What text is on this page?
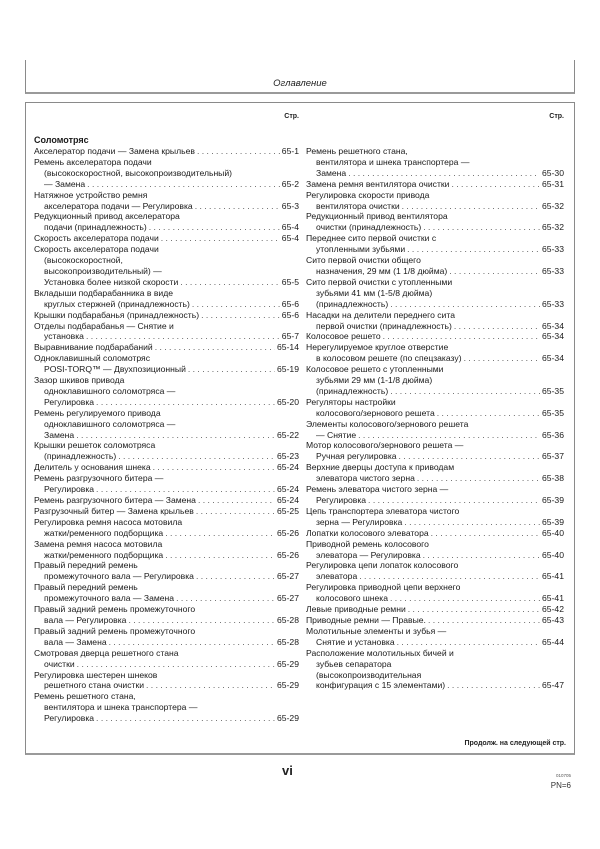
Оглавление
Стр.
Соломотряс
Акселератор подачи — Замена крыльев . . .	65-1
Ремень акселератора подачи
(высокоскоростной, высокопроизводительный)
— Замена . . .	65-2
Натяжное устройство ремня
акселератора подачи — Регулировка . . .	65-3
Редукционный привод акселератора
подачи (принадлежность) . . .	65-4
Скорость акселератора подачи . . .	65-4
Скорость акселератора подачи
(высокоскоростной,
высокопроизводительный) —
Установка более низкой скорости . . .	65-5
Вкладыши подбарабанника в виде
круглых стержней (принадлежность) . . .	65-6
Крышки подбарабанья (принадлежность) . . .	65-6
Отделы подбарабанья — Снятие и
установка . . .	65-7
Выравнивание подбарабаний . . .	65-14
Одноклавишный соломотряс
POSI-TORQ™ — Двухпозиционный . . .	65-19
Зазор шкивов привода
одноклавишного соломотряса —
Регулировка . . .	65-20
Ремень регулируемого привода
одноклавишного соломотряса —
Замена . . .	65-22
Крышки решеток соломотряса
(принадлежность) . . .	65-23
Делитель у основания шнека . . .	65-24
Ремень разгрузочного битера —
Регулировка . . .	65-24
Ремень разгрузочного битера — Замена . . .	65-24
Разгрузочный битер — Замена крыльев . . .	65-25
Регулировка ремня насоса мотовила
жатки/ременного подборщика . . .	65-26
Замена ремня насоса мотовила
жатки/ременного подборщика . . .	65-26
Правый передний ремень
промежуточного вала — Регулировка . . .	65-27
Правый передний ремень
промежуточного вала — Замена . . .	65-27
Правый задний ремень промежуточного
вала — Регулировка . . .	65-28
Правый задний ремень промежуточного
вала — Замена . . .	65-28
Смотровая дверца решетного стана
очистки . . .	65-29
Регулировка шестерен шнеков
решетного стана очистки . . .	65-29
Ремень решетного стана,
вентилятора и шнека транспортера —
Регулировка . . .	65-29
Стр.
Ремень решетного стана,
вентилятора и шнека транспортера —
Замена . . .	65-30
Замена ремня вентилятора очистки . . .	65-31
Регулировка скорости привода
вентилятора очистки . . .	65-32
Редукционный привод вентилятора
очистки (принадлежность) . . .	65-32
Переднее сито первой очистки с
утопленными зубьями . . .	65-33
Сито первой очистки общего
назначения, 29 мм (1 1/8 дюйма) . . .	65-33
Сито первой очистки с утопленными
зубьями 41 мм (1-5/8 дюйма)
(принадлежность) . . .	65-33
Насадки на делители переднего сита
первой очистки (принадлежность) . . .	65-34
Колосовое решето . . .	65-34
Нерегулируемое круглое отверстие
в колосовом решете (по спецзаказу) . . .	65-34
Колосовое решето с утопленными
зубьями 29 мм (1-1/8 дюйма)
(принадлежность) . . .	65-35
Регуляторы настройки
колосового/зернового решета . . .	65-35
Элементы колосового/зернового решета
— Снятие . . .	65-36
Мотор колосового/зернового решета —
Ручная регулировка . . .	65-37
Верхние дверцы доступа к приводам
элеватора чистого зерна . . .	65-38
Ремень элеватора чистого зерна —
Регулировка . . .	65-39
Цепь транспортера элеватора чистого
зерна — Регулировка . . .	65-39
Лопатки колосового элеватора . . .	65-40
Приводной ремень колосового
элеватора — Регулировка . . .	65-40
Регулировка цепи лопаток колосового
элеватора . . .	65-41
Регулировка приводной цепи верхнего
колосового шнека . . .	65-41
Левые приводные ремни . . .	65-42
Приводные ремни — Правые. . . .	65-43
Молотильные элементы и зубья —
Снятие и установка . . .	65-44
Расположение молотильных бичей и
зубьев сепаратора
(высокопроизводительная
конфигурация с 15 элементами) . . .	65-47
Продолж. на следующей стр.
vi	010705
PN=6
